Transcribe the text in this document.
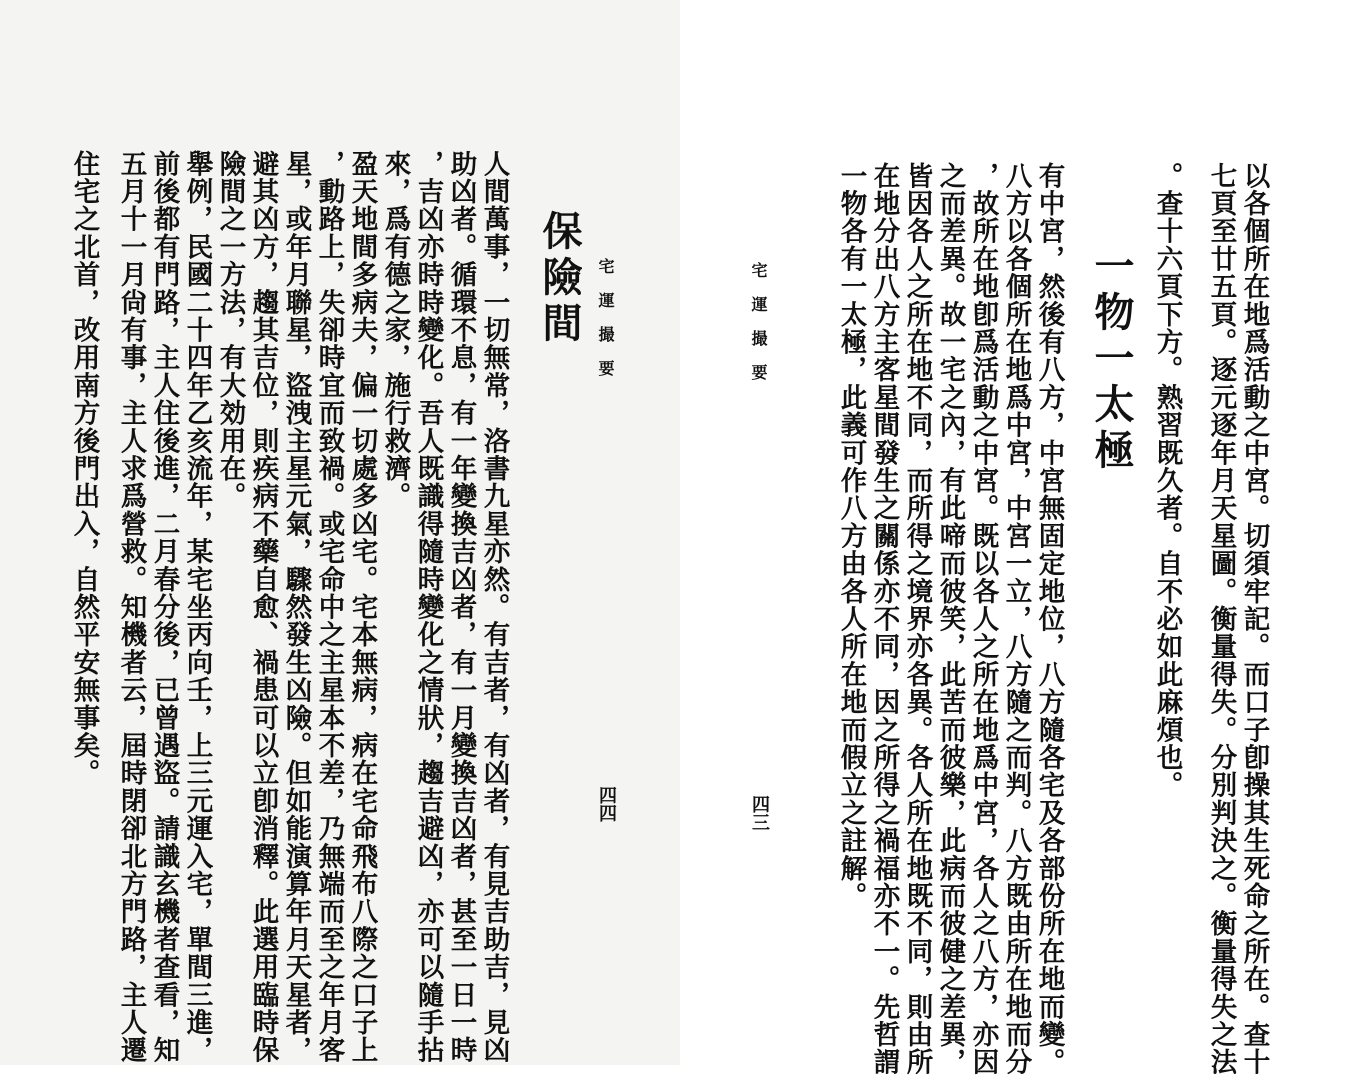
宅運撮要
四四
保險間
人間萬事，一切無常，洛書九星亦然。有吉者，有凶者，有見吉助吉，見凶
助凶者。循環不息，有一年變換吉凶者，有一月變換吉凶者，甚至一日一時
，吉凶亦時時變化。吾人既識得隨時變化之情狀，趨吉避凶，亦可以隨手拈
來，爲有德之家，施行救濟。
盈天地間多病夫，偏一切處多凶宅。宅本無病，病在宅命飛布八際之口子上
，動路上，失卻時宜而致禍。或宅命中之主星本不差，乃無端而至之年月客
星，或年月聯星，盜洩主星元氣，驟然發生凶險。但如能演算年月天星者，
避其凶方，趨其吉位，則疾病不藥自愈、禍患可以立卽消釋。此選用臨時保
險間之一方法，有大効用在。
舉例，民國二十四年乙亥流年，某宅坐丙向壬，上三元運入宅，單間三進，
前後都有門路，主人住後進，二月春分後，已曾遇盜。請識玄機者查看，知
五月十一月尙有事，主人求爲營救。知機者云，屆時閉卻北方門路，主人遷
住宅之北首，改用南方後門出入，自然平安無事矣。	以各個所在地爲活動之中宮。切須牢記。而口子卽操其生死命之所在。查十
七頁至廿五頁。逐元逐年月天星圖。衡量得失。分別判決之。衡量得失之法
。查十六頁下方。熟習既久者。自不必如此麻煩也。
一物一太極
有中宮，然後有八方，中宮無固定地位，八方隨各宅及各部份所在地而變。
八方以各個所在地爲中宮，中宮一立，八方隨之而判。八方既由所在地而分
，故所在地卽爲活動之中宮。既以各人之所在地爲中宮，各人之八方，亦因
之而差異。故一宅之內，有此啼而彼笑，此苦而彼樂，此病而彼健之差異，
皆因各人之所在地不同，而所得之境界亦各異。各人所在地既不同，則由所
在地分出八方主客星間發生之關係亦不同，因之所得之禍福亦不一。先哲謂
一物各有一太極，此義可作八方由各人所在地而假立之註解。
宅運撮要
四三
